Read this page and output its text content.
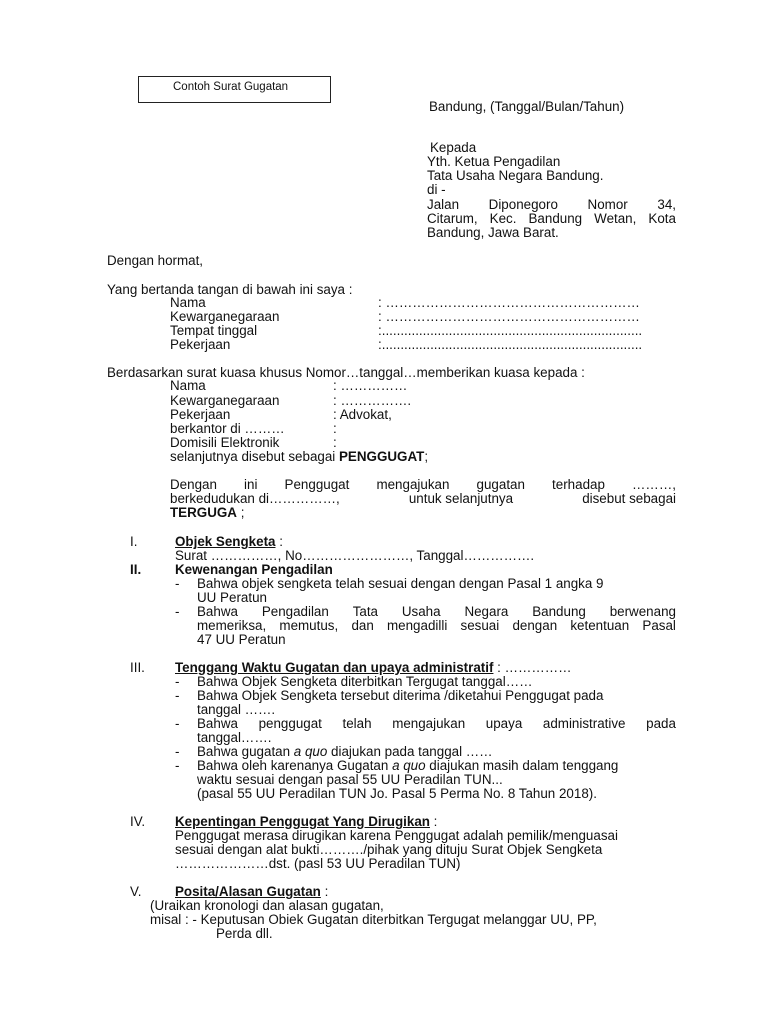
Contoh Surat Gugatan
Bandung, (Tanggal/Bulan/Tahun)
Kepada
Yth. Ketua Pengadilan
Tata Usaha Negara Bandung.
di -
Jalan Diponegoro Nomor 34,
Citarum, Kec. Bandung Wetan, Kota
Bandung, Jawa Barat.
Dengan hormat,
Yang bertanda tangan di bawah ini saya :
Nama	: …………………………………………………
Kewarganegaraan	: …………………………………………………
Tempat tinggal	:......................................................................
Pekerjaan	:......................................................................
Berdasarkan surat kuasa khusus Nomor…tanggal…memberikan kuasa kepada :
Nama	: ……………
Kewarganegaraan	: …………….
Pekerjaan	: Advokat,
berkantor di ………	:
Domisili Elektronik	:
selanjutnya disebut sebagai PENGGUGAT;
Dengan ini Penggugat mengajukan gugatan terhadap ………,
berkedudukan di……………,	untuk selanjutnya	disebut sebagai
TERGUGA ;
I.	Objek Sengketa :
Surat ……………, No……………………, Tanggal…………….
II.	Kewenangan Pengadilan
- Bahwa objek sengketa telah sesuai dengan dengan Pasal 1 angka 9
UU Peratun
- Bahwa Pengadilan Tata Usaha Negara Bandung berwenang
memeriksa, memutus, dan mengadilli sesuai dengan ketentuan Pasal
47 UU Peratun
III. Tenggang Waktu Gugatan dan upaya administratif : ……………
- Bahwa Objek Sengketa diterbitkan Tergugat tanggal……
- Bahwa Objek Sengketa tersebut diterima /diketahui Penggugat pada
tanggal …….
- Bahwa penggugat telah mengajukan upaya administrative pada
tanggal…….
- Bahwa gugatan a quo diajukan pada tanggal ……
- Bahwa oleh karenanya Gugatan a quo diajukan masih dalam tenggang
waktu sesuai dengan pasal 55 UU Peradilan TUN...
(pasal 55 UU Peradilan TUN Jo. Pasal 5 Perma No. 8 Tahun 2018).
IV. Kepentingan Penggugat Yang Dirugikan :
Penggugat merasa dirugikan karena Penggugat adalah pemilik/menguasai
sesuai dengan alat bukti………./pihak yang dituju Surat Objek Sengketa
…………………dst. (pasl 53 UU Peradilan TUN)
V.	Posita/Alasan Gugatan :
(Uraikan kronologi dan alasan gugatan,
misal : - Keputusan Obiek Gugatan diterbitkan Tergugat melanggar UU, PP,
Perda dll.
